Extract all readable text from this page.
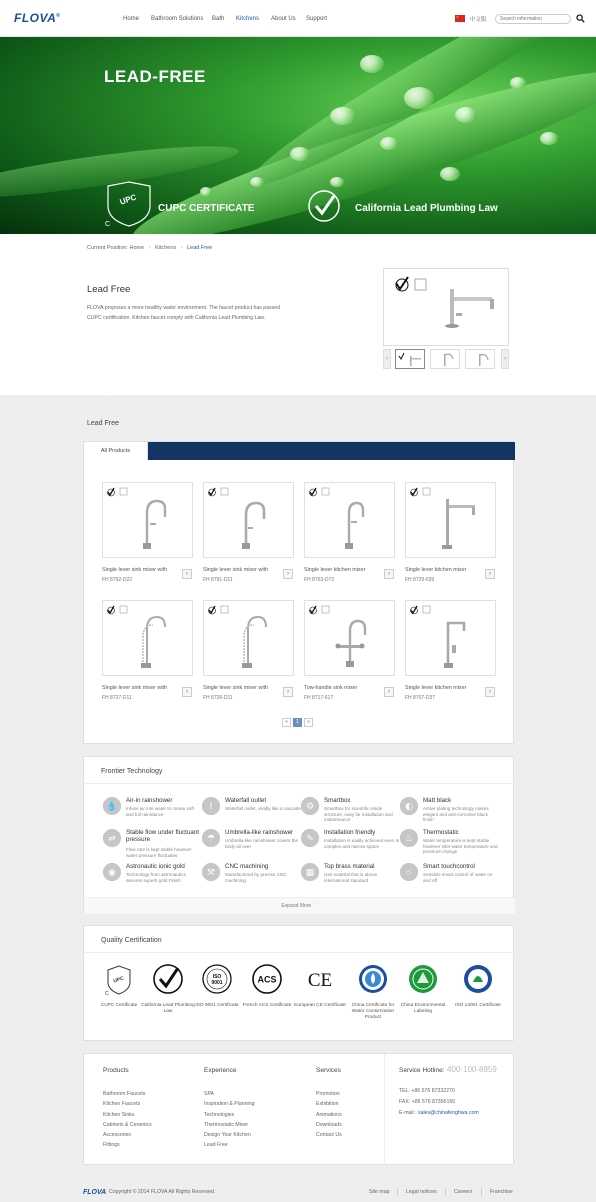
FLOVA®	Home Bathroom Solutions Bath Kitchens About Us Support	★ 中文版
Search information
LEAD-FREE
UPC
C
CUPC CERTIFICATE	California Lead Plumbing Law
Current Position: Home › Kitchens › Lead Free
Lead Free
FLOVA proposes a more healthy water environment. The faucet product has passed CUPC certification. Kitchen faucet comply with California Lead Plumbing Law.
‹	›
Lead Free
All Products
Single lever sink mixer with
FH 8792-D22
›
Single lever sink mixer with
FH 8791-D11
›
Single lever kitchen mixer
FH 8763-D73
›
Single lever kitchen mixer
FH 8729-639
›
Single lever sink mixer with
FH 8727-D11
›
Single lever sink mixer with
FH 8726-D11
›
Tow-handle sink mixer
FH 8717-617
›
Single lever kitchen mixer
FH 8707-D37
›
«	1	»
Frontier Technology
💧
Air-in rainshower
Infuse air into water to create soft and full rain/dance
⌇
Waterfall outlet
Waterfall outlet, vividly like a cascade ⚙
Smartbox
Smartbox for scientific inside structure, easy for installation and maintenance
◐
Matt black
Active plating technology makes elegant and anti-corrosive black finish
⇌
Stable flow under fluctuant pressure
Flow rate is kept stable however water pressure fluctuates
☂
Umbrella-like rainshower
Umbrella-like rainshower covers the body all over
✎
Installation friendly
Installation is easily achieved even in complex and narrow space
♨
Thermostatic
Water temperature is kept stable however inlet water temperature and pressure change
◉
Astronautic ionic gold
Technology from astronautics assures superb gold Finish
⚒
CNC machining
Manufactured by precise CNC machining
▦
Top brass material
Use material that is above international standard
☝
Smart touchcontrol
Sensible smart control of water on and off
Expand More ﹀
Quality Certification
UPC
C
CUPC Certificate California Lead Plumbing Law
ISO
9001
ISO 9001 Certificate
ACS
French ACS Certificate
CE
European CE Certificate	China Certificate for Water Conservation Product
China Environmental Labeling
ISO 14001 Certificate
Products
Bathroom Faucets
Kitchen Faucets
Kitchen Sinks
Cabinets & Ceramics
Accessories
Fittings
Experience
SPA
Inspiration & Planning
Technologies
Thermostatic Mixer
Design Your Kitchen
Lead Free
Services
Promotion
Exhibition
Animations
Downloads
Contact Us
Service Hotline: 400-100-8859
TEL: +86 576 87332270
FAX: +86 576 87356150
E-mail : sales@chinafenghwa.com
FLOVA Copyright © 2014 FLOVA All Rights Reserved.	Site map	Legal notices	Careers	Franchise
